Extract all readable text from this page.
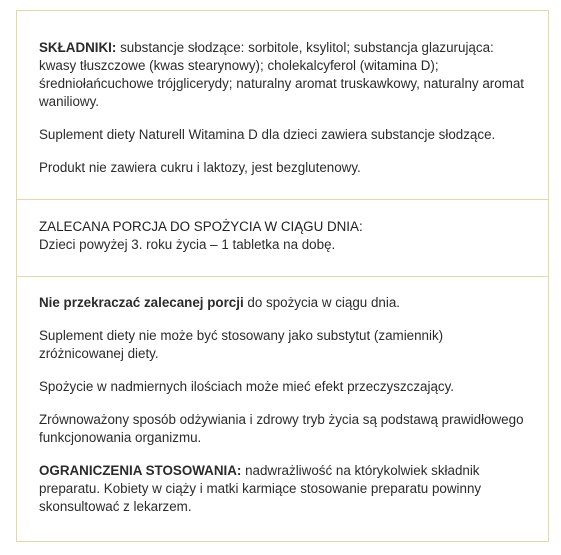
SKŁADNIKI: substancje słodzące: sorbitole, ksylitol; substancja glazurująca: kwasy tłuszczowe (kwas stearynowy); cholekalcyferol (witamina D); średniołańcuchowe trójglicerydy; naturalny aromat truskawkowy, naturalny aromat waniliowy.

Suplement diety Naturell Witamina D dla dzieci zawiera substancje słodzące.

Produkt nie zawiera cukru i laktozy, jest bezglutenowy.

ZALECANA PORCJA DO SPOŻYCIA W CIĄGU DNIA:
Dzieci powyżej 3. roku życia – 1 tabletka na dobę.

Nie przekraczać zalecanej porcji do spożycia w ciągu dnia.

Suplement diety nie może być stosowany jako substytut (zamiennik) zróżnicowanej diety.

Spożycie w nadmiernych ilościach może mieć efekt przeczyszczający.

Zrównoważony sposób odżywiania i zdrowy tryb życia są podstawą prawidłowego funkcjonowania organizmu.

OGRANICZENIA STOSOWANIA: nadwrażliwość na którykolwiek składnik preparatu. Kobiety w ciąży i matki karmiące stosowanie preparatu powinny skonsultować z lekarzem.
